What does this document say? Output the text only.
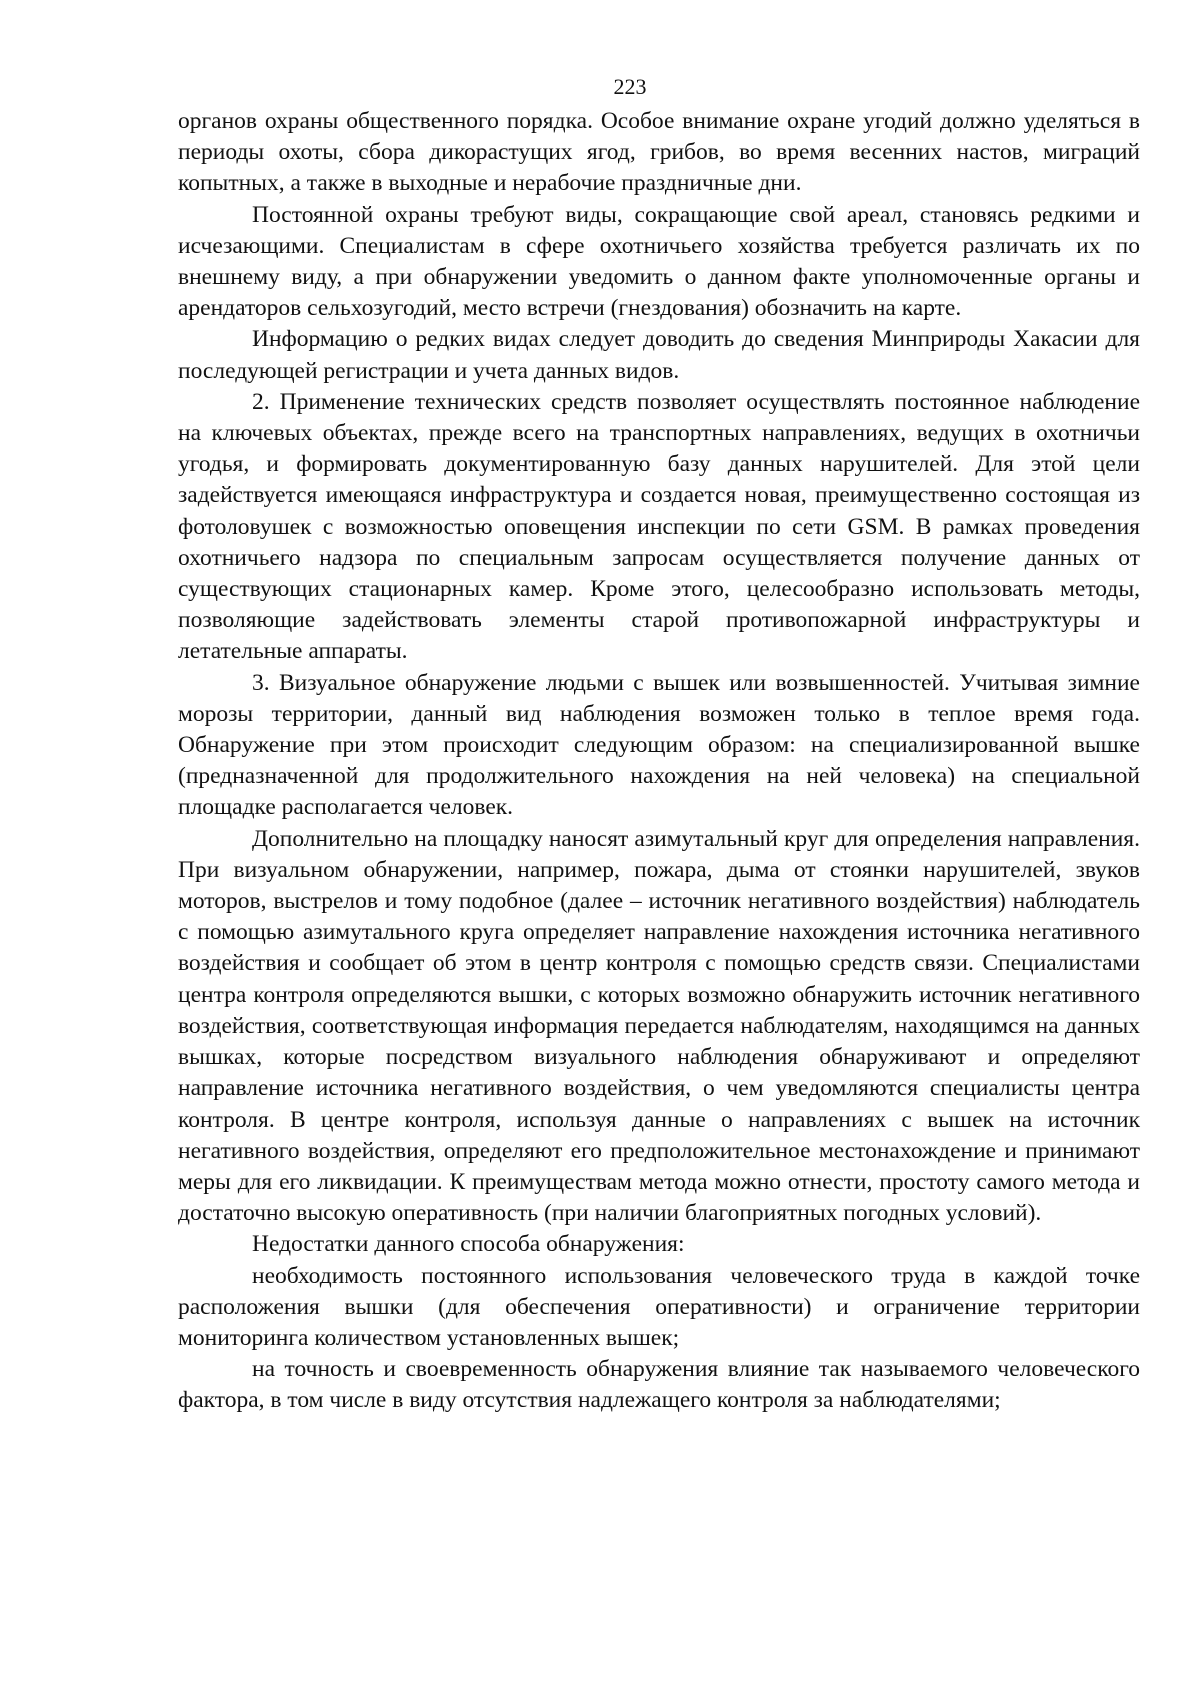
223

органов охраны общественного порядка. Особое внимание охране угодий должно уделяться в периоды охоты, сбора дикорастущих ягод, грибов, во время весенних настов, миграций копытных, а также в выходные и нерабочие праздничные дни.

Постоянной охраны требуют виды, сокращающие свой ареал, становясь редкими и исчезающими. Специалистам в сфере охотничьего хозяйства требуется различать их по внешнему виду, а при обнаружении уведомить о данном факте уполномоченные органы и арендаторов сельхозугодий, место встречи (гнездования) обозначить на карте.

Информацию о редких видах следует доводить до сведения Минприроды Хакасии для последующей регистрации и учета данных видов.

2. Применение технических средств позволяет осуществлять постоянное наблюдение на ключевых объектах, прежде всего на транспортных направлениях, ведущих в охотничьи угодья, и формировать документированную базу данных нарушителей. Для этой цели задействуется имеющаяся инфраструктура и создается новая, преимущественно состоящая из фотоловушек с возможностью оповещения инспекции по сети GSM. В рамках проведения охотничьего надзора по специальным запросам осуществляется получение данных от существующих стационарных камер. Кроме этого, целесообразно использовать методы, позволяющие задействовать элементы старой противопожарной инфраструктуры и летательные аппараты.

3. Визуальное обнаружение людьми с вышек или возвышенностей. Учитывая зимние морозы территории, данный вид наблюдения возможен только в теплое время года. Обнаружение при этом происходит следующим образом: на специализированной вышке (предназначенной для продолжительного нахождения на ней человека) на специальной площадке располагается человек.

Дополнительно на площадку наносят азимутальный круг для определения направления. При визуальном обнаружении, например, пожара, дыма от стоянки нарушителей, звуков моторов, выстрелов и тому подобное (далее – источник негативного воздействия) наблюдатель с помощью азимутального круга определяет направление нахождения источника негативного воздействия и сообщает об этом в центр контроля с помощью средств связи. Специалистами центра контроля определяются вышки, с которых возможно обнаружить источник негативного воздействия, соответствующая информация передается наблюдателям, находящимся на данных вышках, которые посредством визуального наблюдения обнаруживают и определяют направление источника негативного воздействия, о чем уведомляются специалисты центра контроля. В центре контроля, используя данные о направлениях с вышек на источник негативного воздействия, определяют его предположительное местонахождение и принимают меры для его ликвидации. К преимуществам метода можно отнести, простоту самого метода и достаточно высокую оперативность (при наличии благоприятных погодных условий).

Недостатки данного способа обнаружения:

необходимость постоянного использования человеческого труда в каждой точке расположения вышки (для обеспечения оперативности) и ограничение территории мониторинга количеством установленных вышек;

на точность и своевременность обнаружения влияние так называемого человеческого фактора, в том числе в виду отсутствия надлежащего контроля за наблюдателями;
